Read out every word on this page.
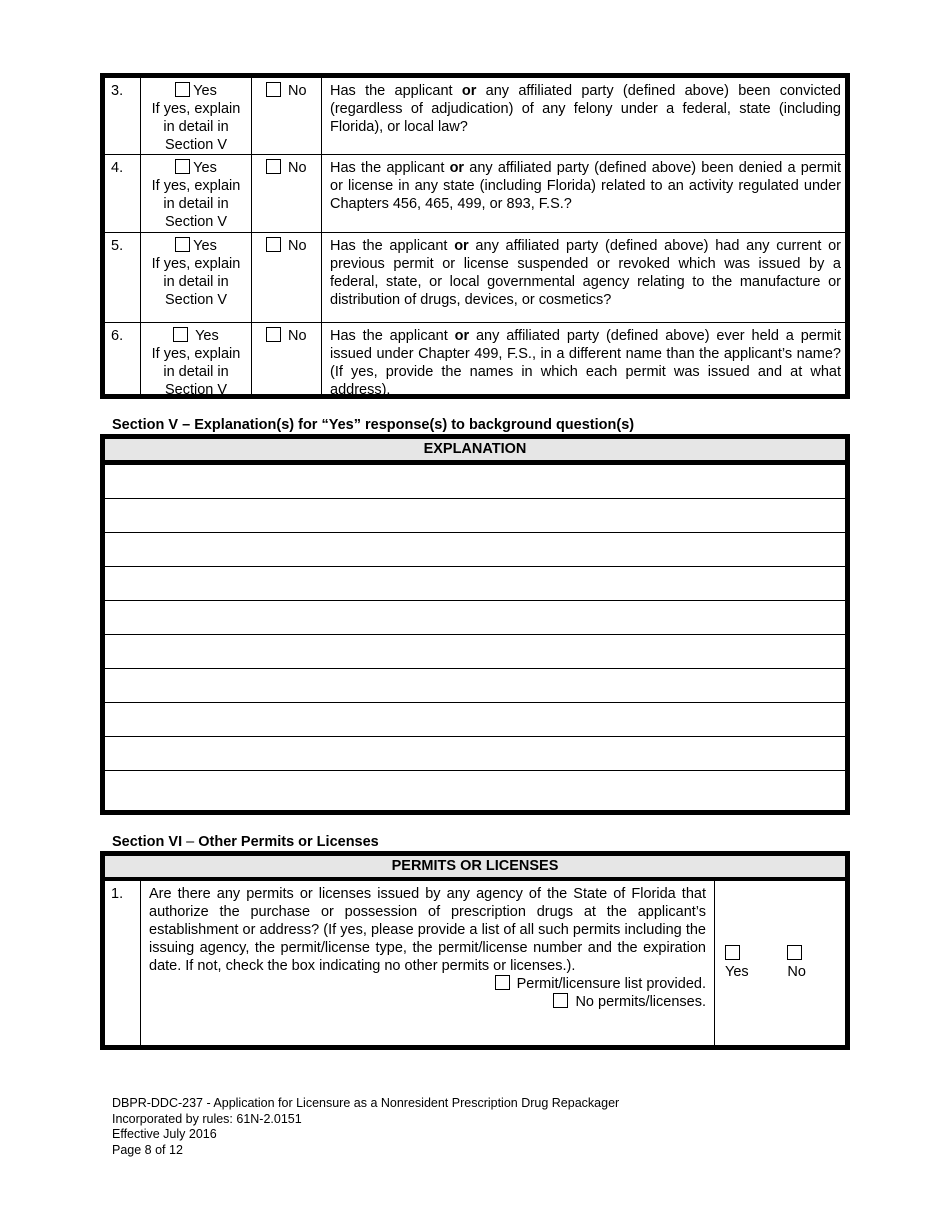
3.	Yes
If yes, explain
in detail in
Section V
No	Has the applicant or any affiliated party (defined above) been convicted (regardless of adjudication) of any felony under a federal, state (including Florida), or local law?
4.	Yes
If yes, explain
in detail in
Section V
No	Has the applicant or any affiliated party (defined above) been denied a permit or license in any state (including Florida) related to an activity regulated under Chapters 456, 465, 499, or 893, F.S.?
5.	Yes
If yes, explain
in detail in
Section V
No	Has the applicant or any affiliated party (defined above) had any current or previous permit or license suspended or revoked which was issued by a federal, state, or local governmental agency relating to the manufacture or distribution of drugs, devices, or cosmetics?
6.	Yes
If yes, explain
in detail in
Section V
No	Has the applicant or any affiliated party (defined above) ever held a permit issued under Chapter 499, F.S., in a different name than the applicant’s name? (If yes, provide the names in which each permit was issued and at what address).
Section V – Explanation(s) for “Yes” response(s) to background question(s)
EXPLANATION
Section VI – Other Permits or Licenses
PERMITS OR LICENSES
1.	Are there any permits or licenses issued by any agency of the State of Florida that authorize the purchase or possession of prescription drugs at the applicant’s establishment or address? (If yes, please provide a list of all such permits including the issuing agency, the permit/license type, the permit/license number and the expiration date. If not, check the box indicating no other permits or licenses.).
Permit/licensure list provided.
No permits/licenses.
Yes	No
DBPR-DDC-237 - Application for Licensure as a Nonresident Prescription Drug Repackager
Incorporated by rules: 61N-2.0151
Effective July 2016
Page 8 of 12
